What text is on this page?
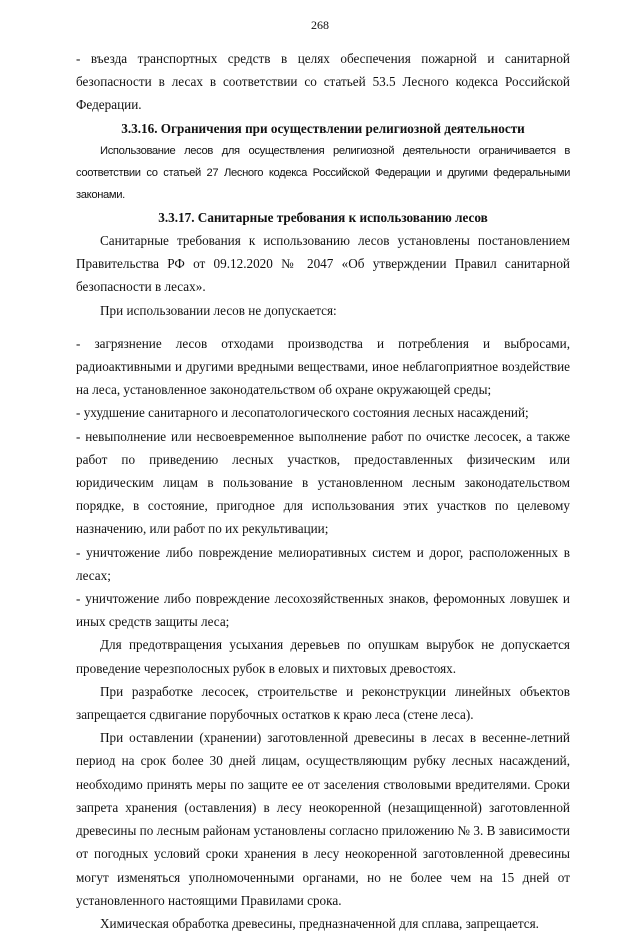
268

- въезда транспортных средств в целях обеспечения пожарной и санитарной безопасности в лесах в соответствии со статьей 53.5 Лесного кодекса Российской Федерации.

3.3.16. Ограничения при осуществлении религиозной деятельности

Использование лесов для осуществления религиозной деятельности ограничивается в соответствии со статьей 27 Лесного кодекса Российской Федерации и другими федеральными законами.

3.3.17. Санитарные требования к использованию лесов

Санитарные требования к использованию лесов установлены постановлением Правительства РФ от 09.12.2020 № 2047 «Об утверждении Правил санитарной безопасности в лесах».

При использовании лесов не допускается:

- загрязнение лесов отходами производства и потребления и выбросами, радиоактивными и другими вредными веществами, иное неблагоприятное воздействие на леса, установленное законодательством об охране окружающей среды;

- ухудшение санитарного и лесопатологического состояния лесных насаждений;

- невыполнение или несвоевременное выполнение работ по очистке лесосек, а также работ по приведению лесных участков, предоставленных физическим или юридическим лицам в пользование в установленном лесным законодательством порядке, в состояние, пригодное для использования этих участков по целевому назначению, или работ по их рекультивации;

- уничтожение либо повреждение мелиоративных систем и дорог, расположенных в лесах;

- уничтожение либо повреждение лесохозяйственных знаков, феромонных ловушек и иных средств защиты леса;

Для предотвращения усыхания деревьев по опушкам вырубок не допускается проведение черезполосных рубок в еловых и пихтовых древостоях.

При разработке лесосек, строительстве и реконструкции линейных объектов запрещается сдвигание порубочных остатков к краю леса (стене леса).

При оставлении (хранении) заготовленной древесины в лесах в весенне-летний период на срок более 30 дней лицам, осуществляющим рубку лесных насаждений, необходимо принять меры по защите ее от заселения стволовыми вредителями. Сроки запрета хранения (оставления) в лесу неокоренной (незащищенной) заготовленной древесины по лесным районам установлены согласно приложению № 3. В зависимости от погодных условий сроки хранения в лесу неокоренной заготовленной древесины могут изменяться уполномоченными органами, но не более чем на 15 дней от установленного настоящими Правилами срока.

Химическая обработка древесины, предназначенной для сплава, запрещается.
